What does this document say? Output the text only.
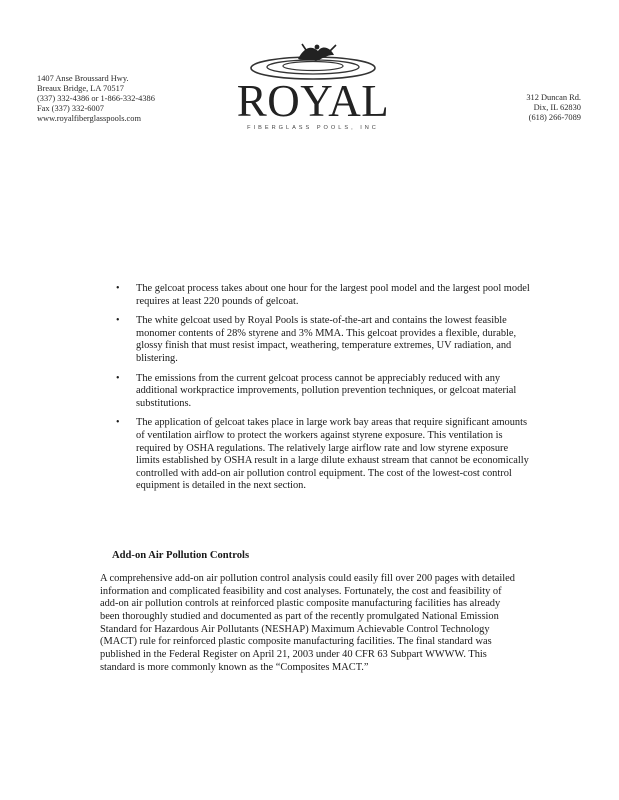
1407 Anse Broussard Hwy.
Breaux Bridge, LA 70517
(337) 332-4386 or 1-866-332-4386
Fax (337) 332-6007
www.royalfiberglasspools.com	ROYAL
FIBERGLASS POOLS, INC
312 Duncan Rd.
Dix, IL 62830
(618) 266-7089
• The gelcoat process takes about one hour for the largest pool model and the largest pool model requires at least 220 pounds of gelcoat.
• The white gelcoat used by Royal Pools is state-of-the-art and contains the lowest feasible monomer contents of 28% styrene and 3% MMA. This gelcoat provides a flexible, durable, glossy finish that must resist impact, weathering, temperature extremes, UV radiation, and blistering.
• The emissions from the current gelcoat process cannot be appreciably reduced with any additional workpractice improvements, pollution prevention techniques, or gelcoat material substitutions.
• The application of gelcoat takes place in large work bay areas that require significant amounts of ventilation airflow to protect the workers against styrene exposure. This ventilation is required by OSHA regulations. The relatively large airflow rate and low styrene exposure limits established by OSHA result in a large dilute exhaust stream that cannot be economically controlled with add-on air pollution control equipment. The cost of the lowest-cost control equipment is detailed in the next section.
Add-on Air Pollution Controls

A comprehensive add-on air pollution control analysis could easily fill over 200 pages with detailed information and complicated feasibility and cost analyses. Fortunately, the cost and feasibility of add-on air pollution controls at reinforced plastic composite manufacturing facilities has already been thoroughly studied and documented as part of the recently promulgated National Emission Standard for Hazardous Air Pollutants (NESHAP) Maximum Achievable Control Technology (MACT) rule for reinforced plastic composite manufacturing facilities. The final standard was published in the Federal Register on April 21, 2003 under 40 CFR 63 Subpart WWWW. This standard is more commonly known as the “Composites MACT.”
